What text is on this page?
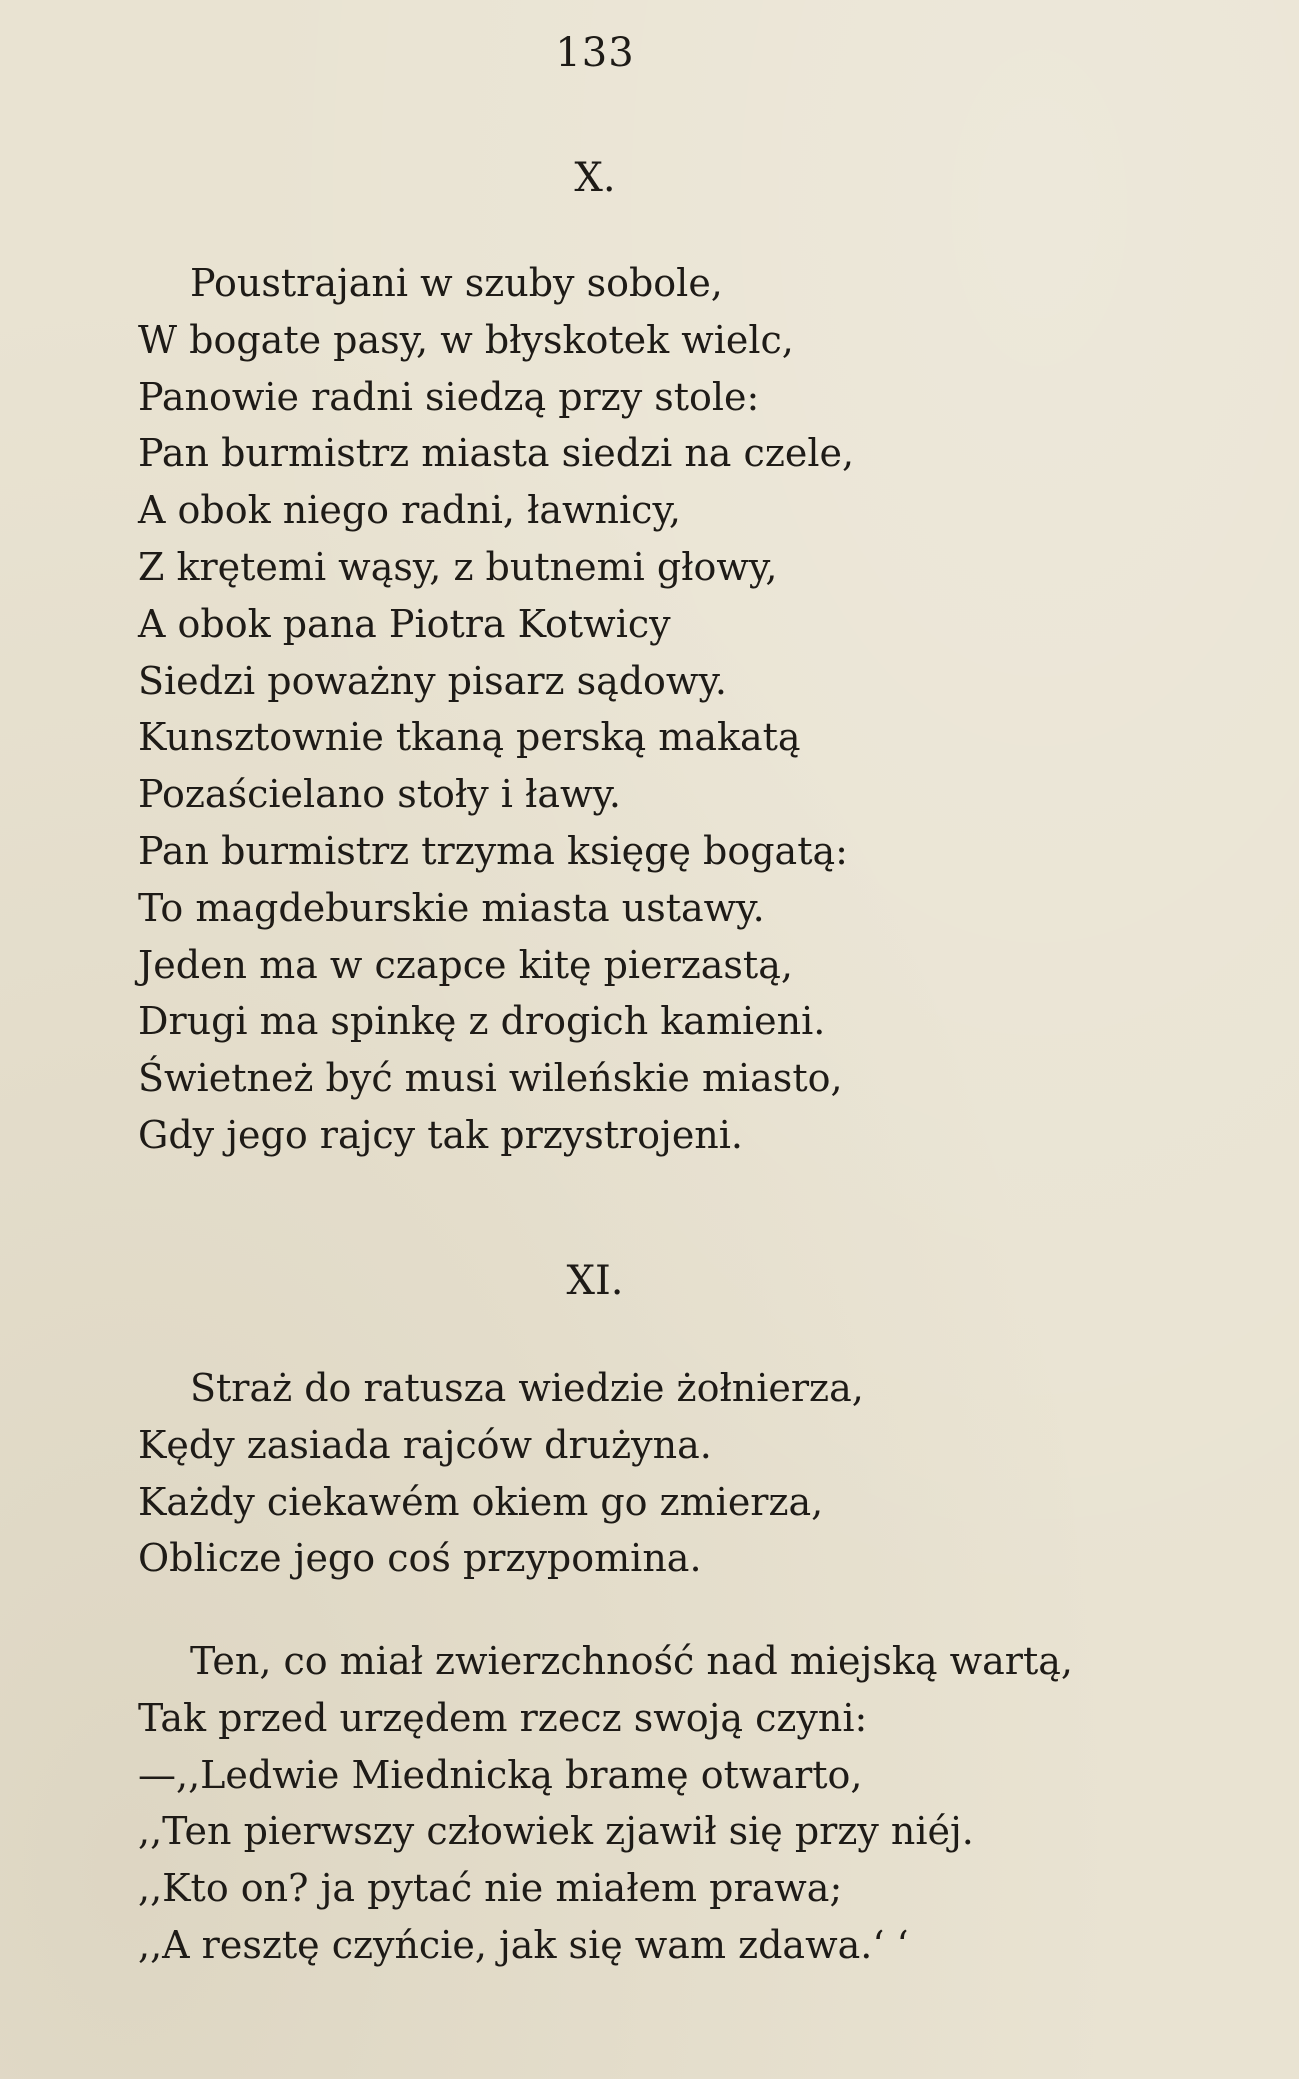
133
X.
Poustrajani w szuby sobole,
W bogate pasy, w błyskotek wielc,
Panowie radni siedzą przy stole:
Pan burmistrz miasta siedzi na czele,
A obok niego radni, ławnicy,
Z krętemi wąsy, z butnemi głowy,
A obok pana Piotra Kotwicy
Siedzi poważny pisarz sądowy.
Kunsztownie tkaną perską makatą
Pozaścielano stoły i ławy.
Pan burmistrz trzyma księgę bogatą:
To magdeburskie miasta ustawy.
Jeden ma w czapce kitę pierzastą,
Drugi ma spinkę z drogich kamieni.
Świetneż być musi wileńskie miasto,
Gdy jego rajcy tak przystrojeni.
XI.
Straż do ratusza wiedzie żołnierza,
Kędy zasiada rajców drużyna.
Każdy ciekawém okiem go zmierza,
Oblicze jego coś przypomina.
Ten, co miał zwierzchność nad miejską wartą,
Tak przed urzędem rzecz swoją czyni:
—,,Ledwie Miednicką bramę otwarto,
,,Ten pierwszy człowiek zjawił się przy niéj.
,,Kto on? ja pytać nie miałem prawa;
,,A resztę czyńcie, jak się wam zdawa.‘ ‘
